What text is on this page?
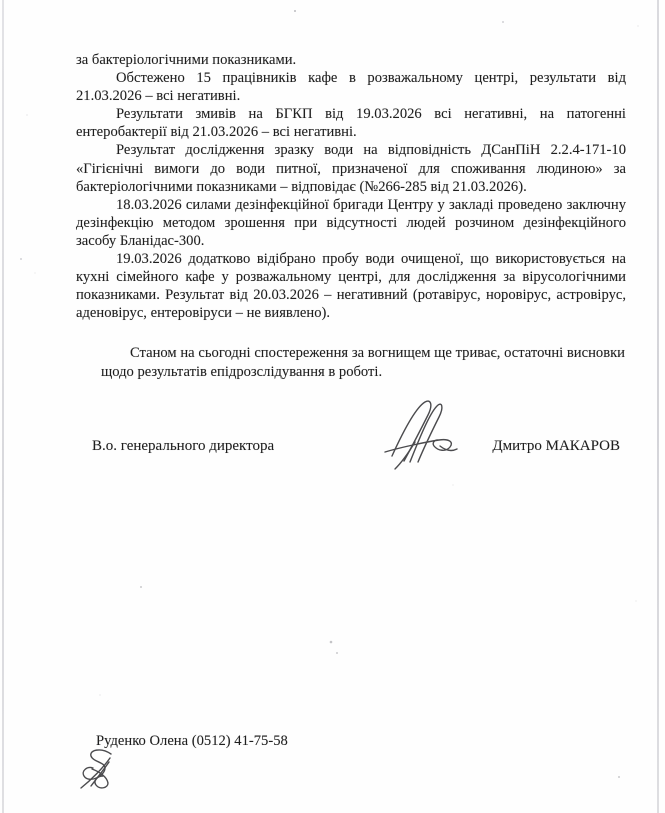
за бактеріологічними показниками.

Обстежено 15 працівників кафе в розважальному центрі, результати від 21.03.2026 – всі негативні.

Результати змивів на БГКП від 19.03.2026 всі негативні, на патогенні ентеробактерії від 21.03.2026 – всі негативні.

Результат дослідження зразку води на відповідність ДСанПіН 2.2.4-171-10 «Гігієнічні вимоги до води питної, призначеної для споживання людиною» за бактеріологічними показниками – відповідає (№266-285 від 21.03.2026).

18.03.2026 силами дезінфекційної бригади Центру у закладі проведено заключну дезінфекцію методом зрошення при відсутності людей розчином дезінфекційного засобу Бланідас-300.

19.03.2026 додатково відібрано пробу води очищеної, що використовується на кухні сімейного кафе у розважальному центрі, для дослідження за вірусологічними показниками. Результат від 20.03.2026 – негативний (ротавірус, норовірус, астровірус, аденовірус, ентеровіруси – не виявлено).

Станом на сьогодні спостереження за вогнищем ще триває, остаточні висновки щодо результатів епідрозслідування в роботі.

В.о. генерального директора	Дмитро МАКАРОВ
Руденко Олена (0512) 41-75-58
